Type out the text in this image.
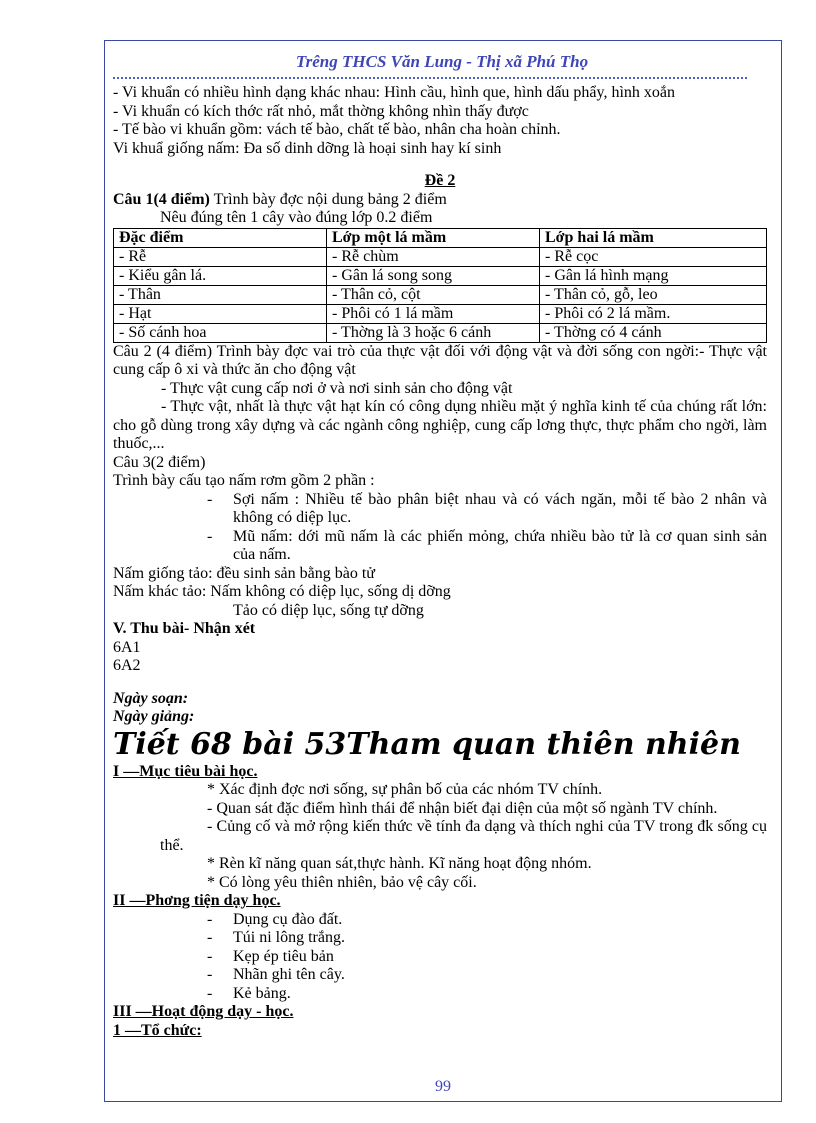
Trêng THCS Văn Lung - Thị xã Phú Thọ
- Vi khuẩn có nhiều hình dạng khác nhau: Hình cầu, hình que, hình dấu phẩy, hình xoắn
- Vi khuẩn có kích thớc rất nhỏ, mắt thờng không nhìn thấy được
- Tế bào vi khuẩn gồm: vách tế bào, chất tế bào, nhân cha hoàn chỉnh.
Vi khuẩ giống nấm: Đa số dinh dỡng là hoại sinh hay kí sinh
Đề 2
Câu 1(4 điểm) Trình bày đợc nội dung bảng 2 điểm
Nêu đúng tên 1 cây vào đúng lớp 0.2 điểm
Đặc điểm	Lớp một lá mầm	Lớp hai lá mầm
- Rễ	- Rễ chùm	- Rễ cọc
- Kiểu gân lá.	- Gân lá song song	- Gân lá hình mạng
- Thân	- Thân cỏ, cột	- Thân cỏ, gỗ, leo
- Hạt	- Phôi có 1 lá mầm	- Phôi có 2 lá mầm.
- Số cánh hoa	- Thờng là 3 hoặc 6 cánh	- Thờng có 4 cánh
Câu 2 (4 điểm) Trình bày đợc vai trò của thực vật đối với động vật và đời sống con ngời:- Thực vật cung cấp ô xi và thức ăn cho động vật
- Thực vật cung cấp nơi ở và nơi sinh sản cho động vật
- Thực vật, nhất là thực vật hạt kín có công dụng nhiều mặt ý nghĩa kinh tế của chúng rất lớn: cho gỗ dùng trong xây dựng và các ngành công nghiệp, cung cấp lơng thực, thực phẩm cho ngời, làm thuốc,...
Câu 3(2 điểm)
Trình bày cấu tạo nấm rơm gồm 2 phần :
-	Sợi nấm : Nhiều tế bào phân biệt nhau và có vách ngăn, mỗi tế bào 2 nhân và không có diệp lục.
-	Mũ nấm: dới mũ nấm là các phiến mỏng, chứa nhiều bào tử là cơ quan sinh sản của nấm.
Nấm giống tảo: đều sinh sản bằng bào tử
Nấm khác tảo: Nấm không có diệp lục, sống dị dỡng
Tảo có diệp lục, sống tự dỡng
V. Thu bài- Nhận xét
6A1
6A2
Ngày soạn:
Ngày giảng:
Tiết 68 bài 53Tham quan thiên nhiên
I —Mục tiêu bài học.
* Xác định đợc nơi sống, sự phân bố của các nhóm TV chính.
- Quan sát đặc điểm hình thái để nhận biết đại diện của một số ngành TV chính.
- Củng cố và mở rộng kiến thức về tính đa dạng và thích nghi của TV trong đk sống cụ thể.
* Rèn kĩ năng quan sát,thực hành. Kĩ năng hoạt động nhóm.
* Có lòng yêu thiên nhiên, bảo vệ cây cối.
II —Phơng tiện dạy học.
- Dụng cụ đào đất.
- Túi ni lông trắng.
- Kẹp ép tiêu bản
- Nhãn ghi tên cây.
- Kẻ bảng.
III —Hoạt động dạy - học.
1 —Tổ chức:
99
